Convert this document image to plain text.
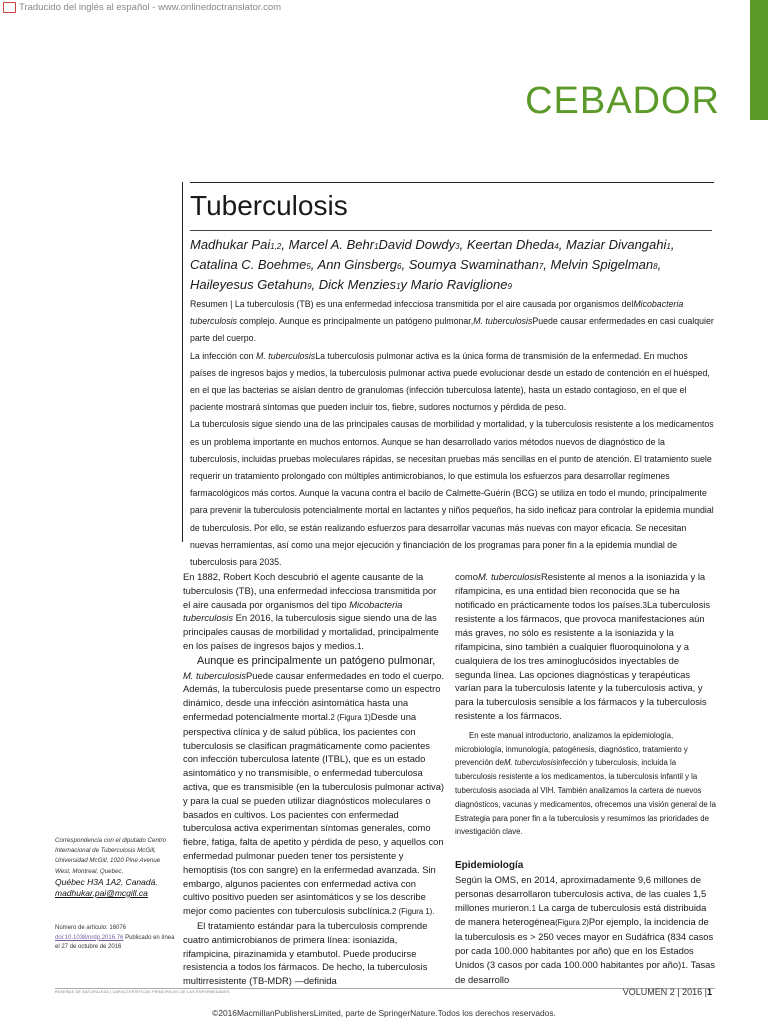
Traducido del inglés al español - www.onlinedoctranslator.com
CEBADOR
Tuberculosis
Madhukar Pai1,2, Marcel A. Behr1David Dowdy3, Keertan Dheda4, Maziar Divangahi1, Catalina C. Boehme5, Ann Ginsberg6, Soumya Swaminathan7, Melvin Spigelman8, Haileyesus Getahun9, Dick Menzies1y Mario Raviglione9

Resumen | La tuberculosis (TB) es una enfermedad infecciosa transmitida por el aire causada por organismos delMicobacteria tuberculosis complejo. Aunque es principalmente un patógeno pulmonar,M. tuberculosisPuede causar enfermedades en casi cualquier parte del cuerpo.

La infección con M. tuberculosisLa tuberculosis pulmonar activa es la única forma de transmisión de la enfermedad. En muchos países de ingresos bajos y medios, la tuberculosis pulmonar activa puede evolucionar desde un estado de contención en el huésped, en el que las bacterias se aíslan dentro de granulomas (infección tuberculosa latente), hasta un estado contagioso, en el que el paciente mostrará síntomas que pueden incluir tos, fiebre, sudores nocturnos y pérdida de peso.

La tuberculosis sigue siendo una de las principales causas de morbilidad y mortalidad, y la tuberculosis resistente a los medicamentos es un problema importante en muchos entornos. Aunque se han desarrollado varios métodos nuevos de diagnóstico de la tuberculosis, incluidas pruebas moleculares rápidas, se necesitan pruebas más sencillas en el punto de atención. El tratamiento suele requerir un tratamiento prolongado con múltiples antimicrobianos, lo que estimula los esfuerzos para desarrollar regímenes farmacológicos más cortos. Aunque la vacuna contra el bacilo de Calmette-Guérin (BCG) se utiliza en todo el mundo, principalmente para prevenir la tuberculosis potencialmente mortal en lactantes y niños pequeños, ha sido ineficaz para controlar la epidemia mundial de tuberculosis. Por ello, se están realizando esfuerzos para desarrollar vacunas más nuevas con mayor eficacia. Se necesitan nuevas herramientas, así como una mejor ejecución y financiación de los programas para poner fin a la epidemia mundial de tuberculosis para 2035.

En 1882, Robert Koch descubrió el agente causante de la tuberculosis (TB), una enfermedad infecciosa transmitida por el aire causada por organismos del tipo Micobacteria tuberculosis En 2016, la tuberculosis sigue siendo una de las principales causas de morbilidad y mortalidad, principalmente en los países de ingresos bajos y medios.1.

Aunque es principalmente un patógeno pulmonar, M. tuberculosisPuede causar enfermedades en todo el cuerpo. Además, la tuberculosis puede presentarse como un espectro dinámico, desde una infección asintomática hasta una enfermedad potencialmente mortal.2 (Figura 1)Desde una perspectiva clínica y de salud pública, los pacientes con tuberculosis se clasifican pragmáticamente como pacientes con infección tuberculosa latente (ITBL), que es un estado asintomático y no transmisible, o enfermedad tuberculosa activa, que es transmisible (en la tuberculosis pulmonar activa) y para la cual se pueden utilizar diagnósticos moleculares o basados en cultivos. Los pacientes con enfermedad tuberculosa activa experimentan síntomas generales, como fiebre, fatiga, falta de apetito y pérdida de peso, y aquellos con enfermedad pulmonar pueden tener tos persistente y hemoptisis (tos con sangre) en la enfermedad avanzada. Sin embargo, algunos pacientes con enfermedad activa con cultivo positivo pueden ser asintomáticos y se los describe mejor como pacientes con tuberculosis subclínica.2 (Figura 1).

El tratamiento estándar para la tuberculosis comprende cuatro antimicrobianos de primera línea: isoniazida, rifampicina, pirazinamida y etambutol. Puede producirse resistencia a todos los fármacos. De hecho, la tuberculosis multirresistente (TB-MDR) —definida

comoM. tuberculosisResistente al menos a la isoniazida y la rifampicina, es una entidad bien reconocida que se ha notificado en prácticamente todos los países.3La tuberculosis resistente a los fármacos, que provoca manifestaciones aún más graves, no sólo es resistente a la isoniazida y la rifampicina, sino también a cualquier fluoroquinolona y a cualquiera de los tres aminoglucósidos inyectables de segunda línea. Las opciones diagnósticas y terapéuticas varían para la tuberculosis latente y la tuberculosis activa, y para la tuberculosis sensible a los fármacos y la tuberculosis resistente a los fármacos.

En este manual introductorio, analizamos la epidemiología, microbiología, inmunología, patogénesis, diagnóstico, tratamiento y prevención deM. tuberculosisinfección y tuberculosis, incluida la tuberculosis resistente a los medicamentos, la tuberculosis infantil y la tuberculosis asociada al VIH. También analizamos la cartera de nuevos diagnósticos, vacunas y medicamentos, ofrecemos una visión general de la Estrategia para poner fin a la tuberculosis y resumimos las prioridades de investigación clave.

Epidemiología

Según la OMS, en 2014, aproximadamente 9,6 millones de personas desarrollaron tuberculosis activa, de las cuales 1,5 millones murieron.1 La carga de tuberculosis está distribuida de manera heterogénea(Figura 2)Por ejemplo, la incidencia de la tuberculosis es > 250 veces mayor en Sudáfrica (834 casos por cada 100.000 habitantes por año) que en los Estados Unidos (3 casos por cada 100.000 habitantes por año)1. Tasas de desarrollo

Correspondencia con el diputado Centro Internacional de Tuberculosis McGill, Universidad McGill, 1020 Pine Avenue West, Montreal, Quebec,
Québec H3A 1A2, Canadá.
madhukar.pai@mcgill.ca
Número de artículo: 16076
doi:10.1038/nrdp.2016.76 Publicado en línea el 27 de octubre de 2016
RESEÑAS DE NATURALEZA | CARACTERÍSTICAS PRINCIPALES DE LAS ENFERMEDADES	VOLUMEN 2 | 2016 |1
©2016MacmillanPublishersLimited, parte de SpringerNature.Todos los derechos reservados.
